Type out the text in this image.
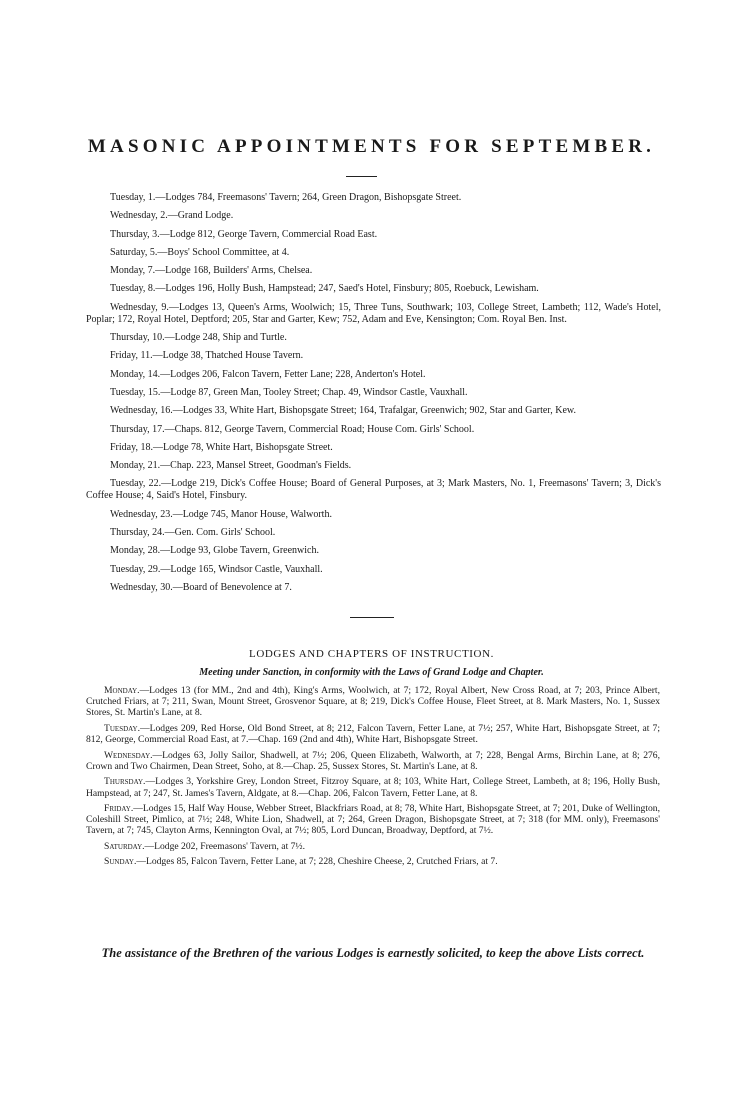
MASONIC APPOINTMENTS FOR SEPTEMBER.

Tuesday, 1.—Lodges 784, Freemasons' Tavern; 264, Green Dragon, Bishopsgate Street.

Wednesday, 2.—Grand Lodge.

Thursday, 3.—Lodge 812, George Tavern, Commercial Road East.

Saturday, 5.—Boys' School Committee, at 4.

Monday, 7.—Lodge 168, Builders' Arms, Chelsea.

Tuesday, 8.—Lodges 196, Holly Bush, Hampstead; 247, Saed's Hotel, Finsbury; 805, Roebuck, Lewisham.

Wednesday, 9.—Lodges 13, Queen's Arms, Woolwich; 15, Three Tuns, Southwark; 103, College Street, Lambeth; 112, Wade's Hotel, Poplar; 172, Royal Hotel, Deptford; 205, Star and Garter, Kew; 752, Adam and Eve, Kensington; Com. Royal Ben. Inst.

Thursday, 10.—Lodge 248, Ship and Turtle.

Friday, 11.—Lodge 38, Thatched House Tavern.

Monday, 14.—Lodges 206, Falcon Tavern, Fetter Lane; 228, Anderton's Hotel.

Tuesday, 15.—Lodge 87, Green Man, Tooley Street; Chap. 49, Windsor Castle, Vauxhall.

Wednesday, 16.—Lodges 33, White Hart, Bishopsgate Street; 164, Trafalgar, Greenwich; 902, Star and Garter, Kew.

Thursday, 17.—Chaps. 812, George Tavern, Commercial Road; House Com. Girls' School.

Friday, 18.—Lodge 78, White Hart, Bishopsgate Street.

Monday, 21.—Chap. 223, Mansel Street, Goodman's Fields.

Tuesday, 22.—Lodge 219, Dick's Coffee House; Board of General Purposes, at 3; Mark Masters, No. 1, Freemasons' Tavern; 3, Dick's Coffee House; 4, Said's Hotel, Finsbury.

Wednesday, 23.—Lodge 745, Manor House, Walworth.

Thursday, 24.—Gen. Com. Girls' School.

Monday, 28.—Lodge 93, Globe Tavern, Greenwich.

Tuesday, 29.—Lodge 165, Windsor Castle, Vauxhall.

Wednesday, 30.—Board of Benevolence at 7.

LODGES AND CHAPTERS OF INSTRUCTION.
Meeting under Sanction, in conformity with the Laws of Grand Lodge and Chapter.

Monday.—Lodges 13 (for MM., 2nd and 4th), King's Arms, Woolwich, at 7; 172, Royal Albert, New Cross Road, at 7; 203, Prince Albert, Crutched Friars, at 7; 211, Swan, Mount Street, Grosvenor Square, at 8; 219, Dick's Coffee House, Fleet Street, at 8. Mark Masters, No. 1, Sussex Stores, St. Martin's Lane, at 8.

Tuesday.—Lodges 209, Red Horse, Old Bond Street, at 8; 212, Falcon Tavern, Fetter Lane, at 7½; 257, White Hart, Bishopsgate Street, at 7; 812, George, Commercial Road East, at 7.—Chap. 169 (2nd and 4th), White Hart, Bishopsgate Street.

Wednesday.—Lodges 63, Jolly Sailor, Shadwell, at 7½; 206, Queen Elizabeth, Walworth, at 7; 228, Bengal Arms, Birchin Lane, at 8; 276, Crown and Two Chairmen, Dean Street, Soho, at 8.—Chap. 25, Sussex Stores, St. Martin's Lane, at 8.

Thursday.—Lodges 3, Yorkshire Grey, London Street, Fitzroy Square, at 8; 103, White Hart, College Street, Lambeth, at 8; 196, Holly Bush, Hampstead, at 7; 247, St. James's Tavern, Aldgate, at 8.—Chap. 206, Falcon Tavern, Fetter Lane, at 8.

Friday.—Lodges 15, Half Way House, Webber Street, Blackfriars Road, at 8; 78, White Hart, Bishopsgate Street, at 7; 201, Duke of Wellington, Coleshill Street, Pimlico, at 7½; 248, White Lion, Shadwell, at 7; 264, Green Dragon, Bishopsgate Street, at 7; 318 (for MM. only), Freemasons' Tavern, at 7; 745, Clayton Arms, Kennington Oval, at 7½; 805, Lord Duncan, Broadway, Deptford, at 7½.

Saturday.—Lodge 202, Freemasons' Tavern, at 7½.

Sunday.—Lodges 85, Falcon Tavern, Fetter Lane, at 7; 228, Cheshire Cheese, 2, Crutched Friars, at 7.

The assistance of the Brethren of the various Lodges is earnestly solicited, to keep the above Lists correct.
